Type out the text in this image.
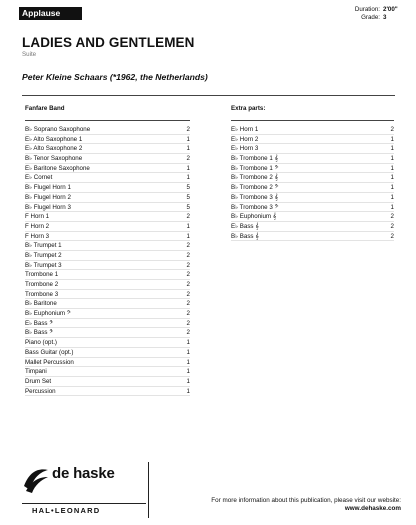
Applause Series
Duration: 2'00"
Grade: 3
LADIES AND GENTLEMEN
Suite
Peter Kleine Schaars (*1962, the Netherlands)
Fanfare Band
B♭ Soprano Saxophone	2
E♭ Alto Saxophone 1	1
E♭ Alto Saxophone 2	1
B♭ Tenor Saxophone	2
E♭ Baritone Saxophone	1
E♭ Cornet	1
B♭ Flugel Horn 1	5
B♭ Flugel Horn 2	5
B♭ Flugel Horn 3	5
F Horn 1	2
F Horn 2	1
F Horn 3	1
B♭ Trumpet 1	2
B♭ Trumpet 2	2
B♭ Trumpet 3	2
Trombone 1	2
Trombone 2	2
Trombone 3	2
B♭ Baritone	2
B♭ Euphonium 𝄢	2
E♭ Bass 𝄢	2
B♭ Bass 𝄢	2
Piano (opt.)	1
Bass Guitar (opt.)	1
Mallet Percussion	1
Timpani	1
Drum Set	1
Percussion	1
Extra parts:
E♭ Horn 1	2
E♭ Horn 2	1
E♭ Horn 3	1
B♭ Trombone 1 𝄞	1
B♭ Trombone 1 𝄢	1
B♭ Trombone 2 𝄞	1
B♭ Trombone 2 𝄢	1
B♭ Trombone 3 𝄞	1
B♭ Trombone 3 𝄢	1
B♭ Euphonium 𝄞	2
E♭ Bass 𝄞	2
B♭ Bass 𝄞	2
de haske
HAL•LEONARD
For more information about this publication, please visit our website:
www.dehaske.com
